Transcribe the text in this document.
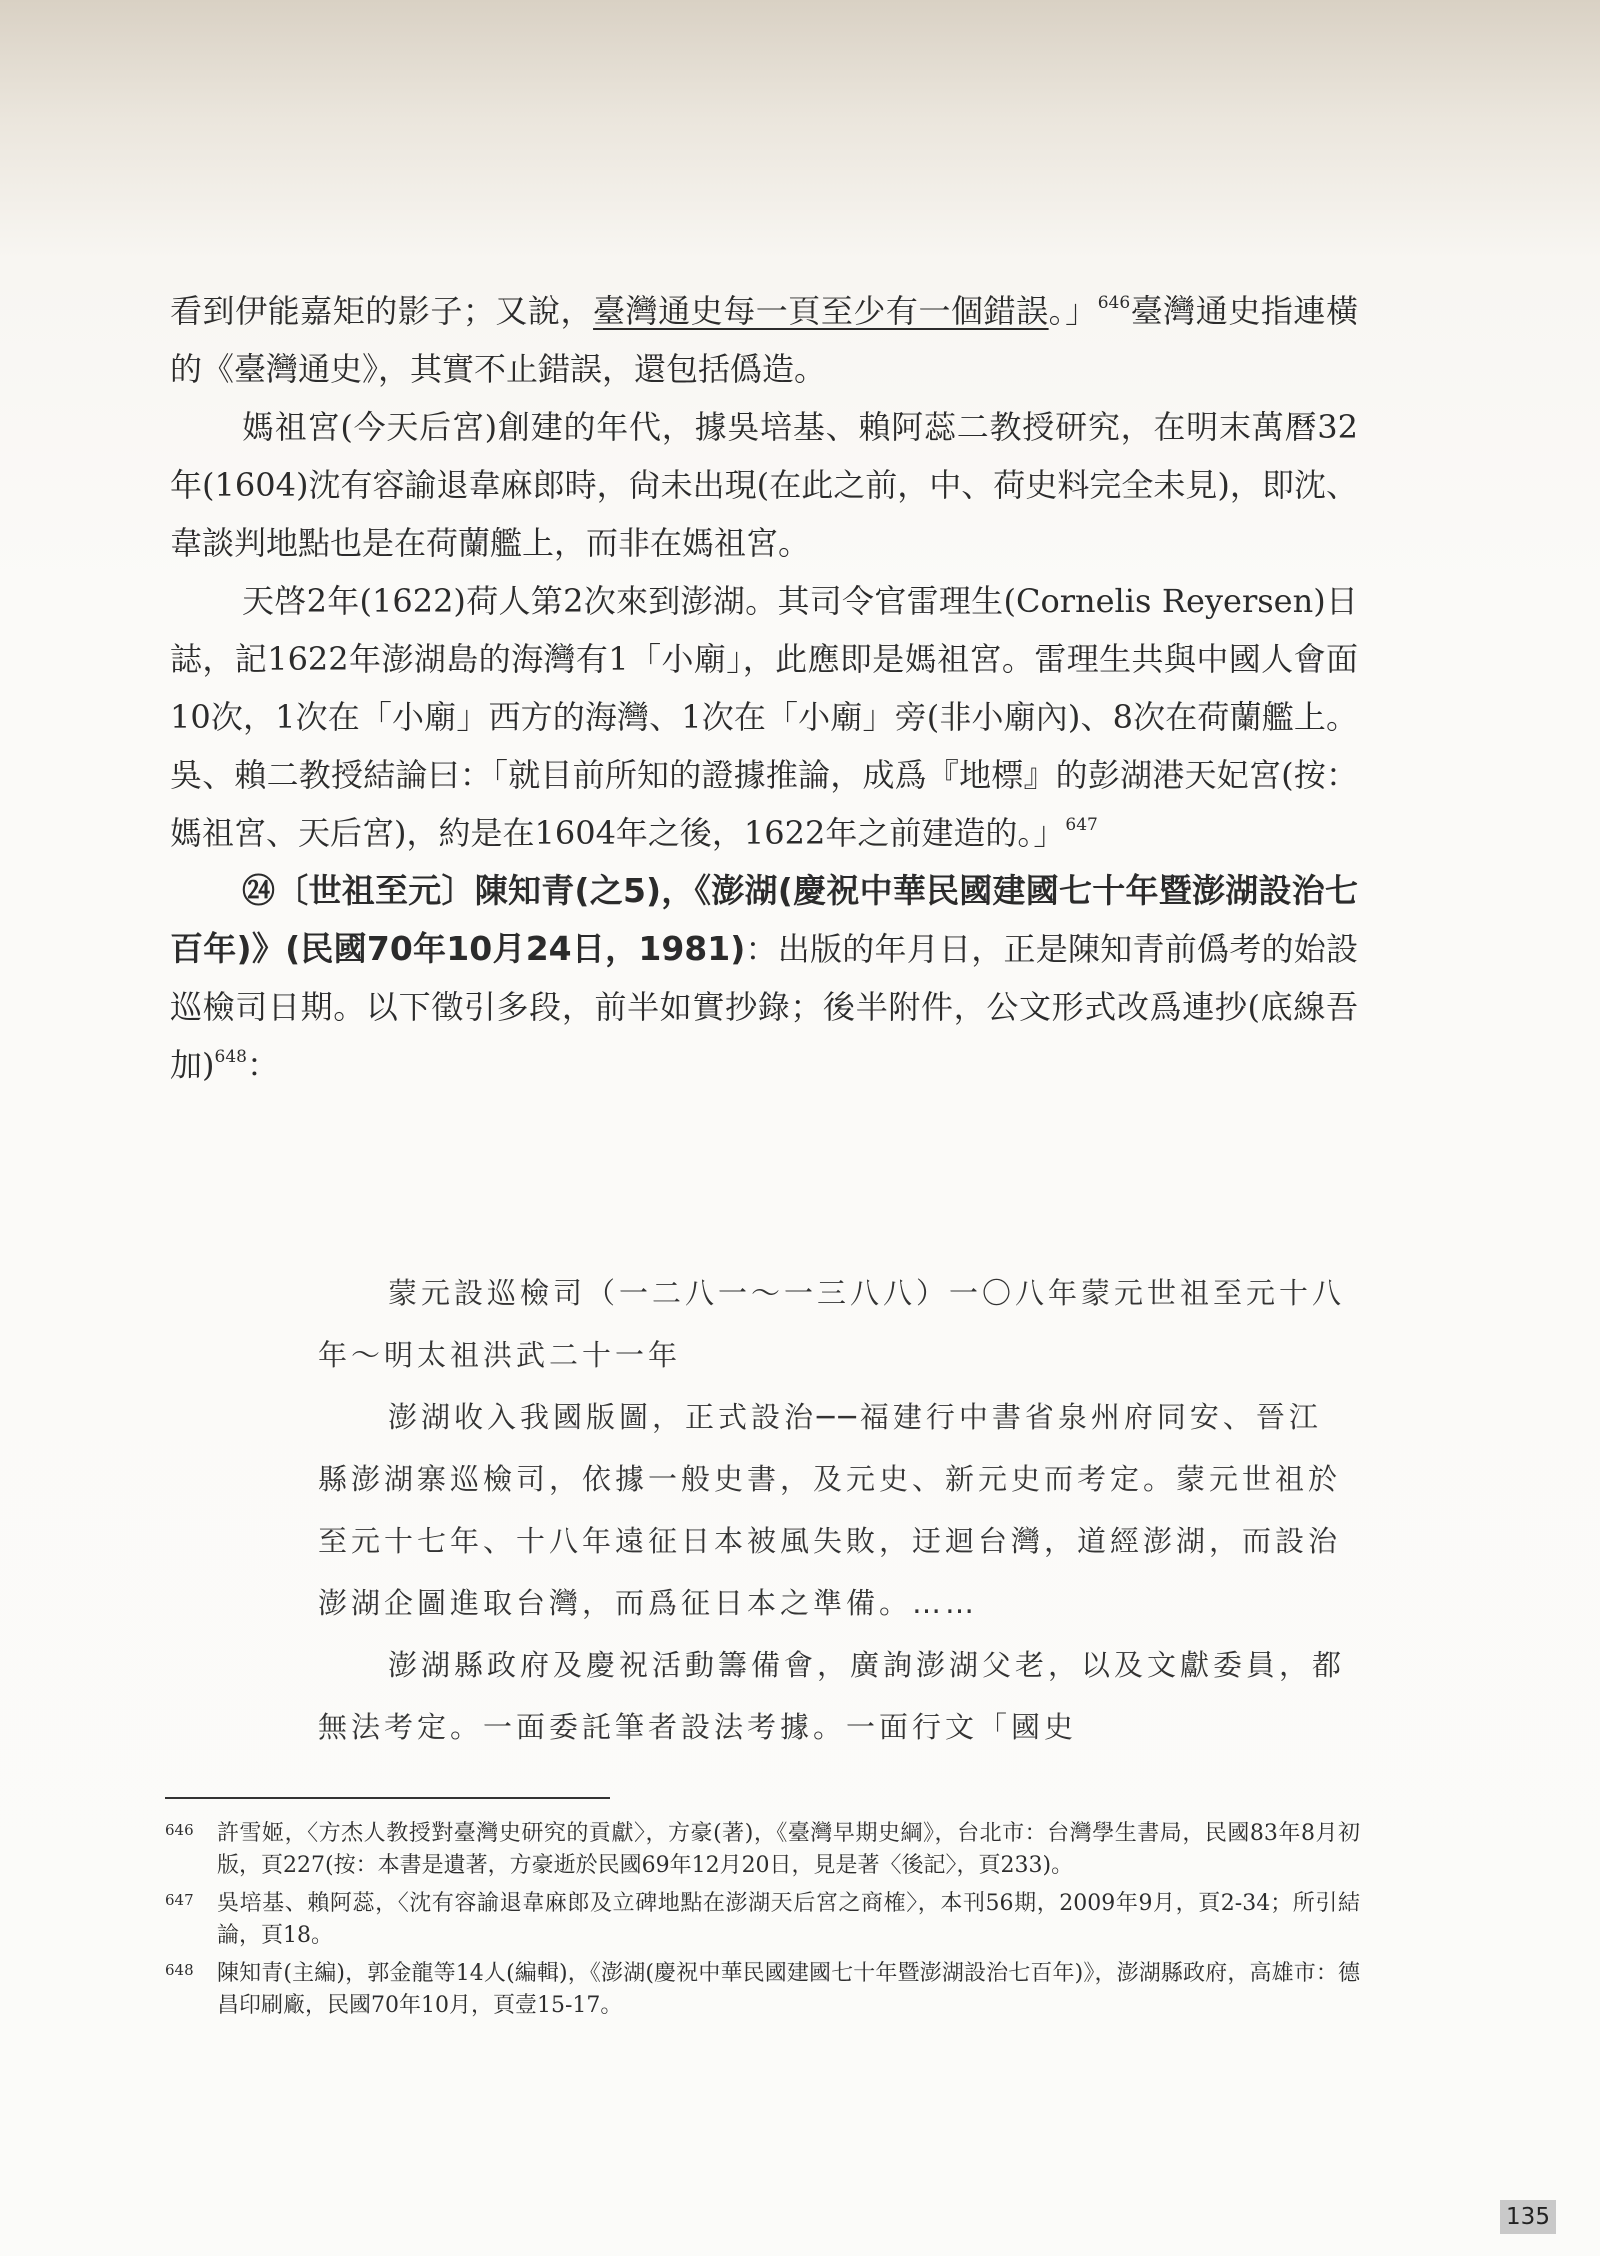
看到伊能嘉矩的影子；又說，臺灣通史每一頁至少有一個錯誤。」$^{646}$臺灣通史指連橫的《臺灣通史》，其實不止錯誤，還包括僞造。

媽祖宮(今天后宮)創建的年代，據吳培基、賴阿蕊二教授研究，在明末萬曆32年(1604)沈有容諭退韋麻郎時，尙未出現(在此之前，中、荷史料完全未見)，即沈、韋談判地點也是在荷蘭艦上，而非在媽祖宮。

天啓2年(1622)荷人第2次來到澎湖。其司令官雷理生(Cornelis Reyersen)日誌，記1622年澎湖島的海灣有1「小廟」，此應即是媽祖宮。雷理生共與中國人會面10次，1次在「小廟」西方的海灣、1次在「小廟」旁(非小廟內)、8次在荷蘭艦上。吳、賴二教授結論曰：「就目前所知的證據推論，成爲『地標』的彭湖港天妃宮(按：媽祖宮、天后宮)，約是在1604年之後，1622年之前建造的。」$^{647}$

㉔〔世祖至元〕陳知青(之5)，《澎湖(慶祝中華民國建國七十年暨澎湖設治七百年)》(民國70年10月24日，1981)：出版的年月日，正是陳知青前僞考的始設巡檢司日期。以下徵引多段，前半如實抄錄；後半附件，公文形式改爲連抄(底線吾加)$^{648}$：

蒙元設巡檢司（一二八一～一三八八）一〇八年蒙元世祖至元十八年～明太祖洪武二十一年

澎湖收入我國版圖，正式設治──福建行中書省泉州府同安、晉江縣澎湖寨巡檢司，依據一般史書，及元史、新元史而考定。蒙元世祖於至元十七年、十八年遠征日本被風失敗，迂迴台灣，道經澎湖，而設治澎湖企圖進取台灣，而爲征日本之準備。……

澎湖縣政府及慶祝活動籌備會，廣詢澎湖父老，以及文獻委員，都無法考定。一面委託筆者設法考據。一面行文「國史

646 許雪姬，〈方杰人教授對臺灣史研究的貢獻〉，方豪(著)，《臺灣早期史綱》，台北市：台灣學生書局，民國83年8月初版，頁227(按：本書是遺著，方豪逝於民國69年12月20日，見是著〈後記〉，頁233)。
647 吳培基、賴阿蕊，〈沈有容諭退韋麻郎及立碑地點在澎湖天后宮之商榷〉，本刊56期，2009年9月，頁2-34；所引結論，頁18。
648 陳知青(主編)，郭金龍等14人(編輯)，《澎湖(慶祝中華民國建國七十年暨澎湖設治七百年)》，澎湖縣政府，高雄市：德昌印刷廠，民國70年10月，頁壹15-17。
135
